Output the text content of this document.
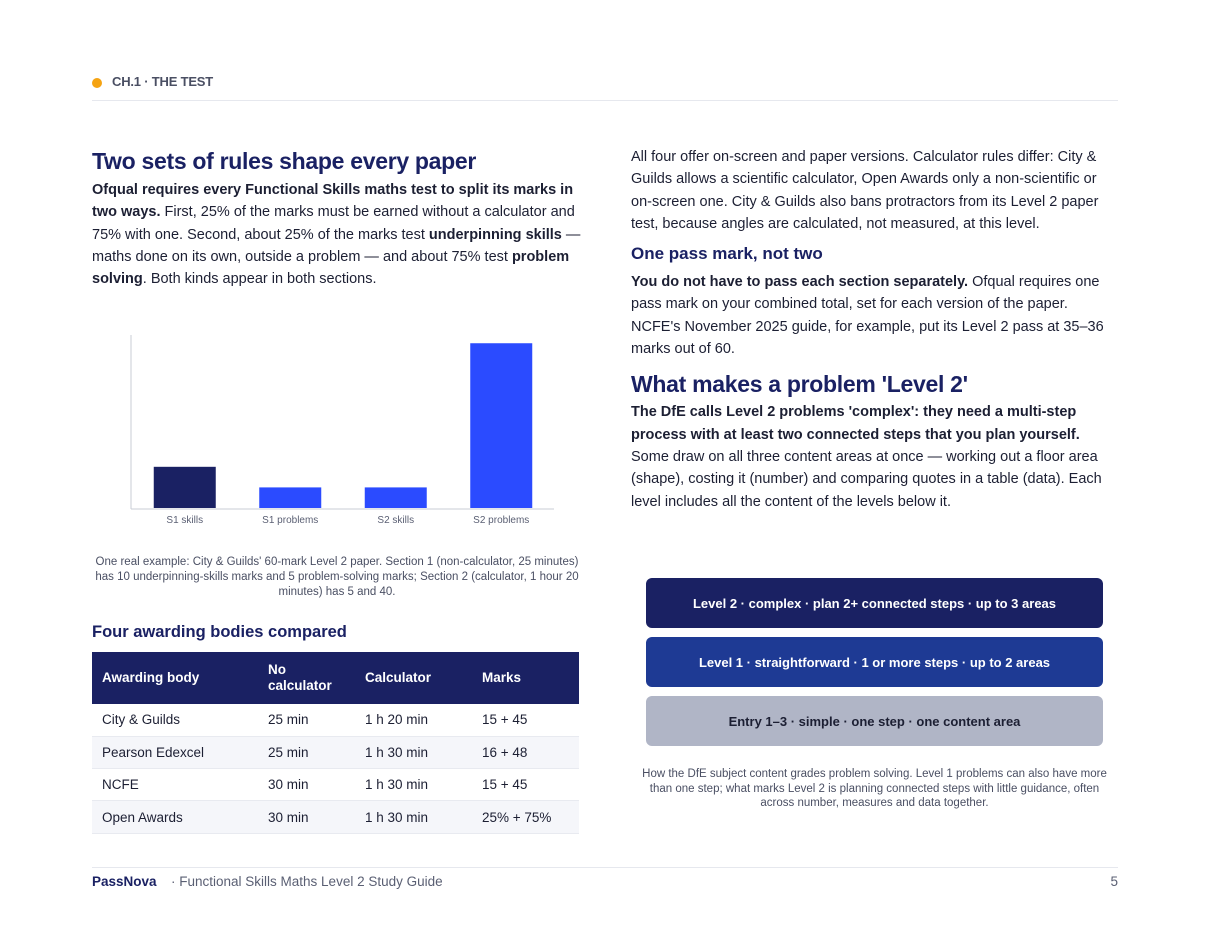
CH.1 · THE TEST
Two sets of rules shape every paper

Ofqual requires every Functional Skills maths test to split its marks in two ways. First, 25% of the marks must be earned without a calculator and 75% with one. Second, about 25% of the marks test underpinning skills — maths done on its own, outside a problem — and about 75% test problem solving. Both kinds appear in both sections.

S1 skills	S1 problems	S2 skills	S2 problems
One real example: City & Guilds' 60-mark Level 2 paper. Section 1 (non-calculator, 25 minutes) has 10 underpinning-skills marks and 5 problem-solving marks; Section 2 (calculator, 1 hour 20 minutes) has 5 and 40.
Four awarding bodies compared
Awarding body	No calculator	Calculator	Marks
City & Guilds	25 min	1 h 20 min	15 + 45
Pearson Edexcel	25 min	1 h 30 min	16 + 48
NCFE	30 min	1 h 30 min	15 + 45
Open Awards	30 min	1 h 30 min	25% + 75%

All four offer on-screen and paper versions. Calculator rules differ: City & Guilds allows a scientific calculator, Open Awards only a non-scientific or on-screen one. City & Guilds also bans protractors from its Level 2 paper test, because angles are calculated, not measured, at this level.

One pass mark, not two

You do not have to pass each section separately. Ofqual requires one pass mark on your combined total, set for each version of the paper. NCFE's November 2025 guide, for example, put its Level 2 pass at 35–36 marks out of 60.

What makes a problem 'Level 2'

The DfE calls Level 2 problems 'complex': they need a multi-step process with at least two connected steps that you plan yourself. Some draw on all three content areas at once — working out a floor area (shape), costing it (number) and comparing quotes in a table (data). Each level includes all the content of the levels below it.

Level 2 · complex · plan 2+ connected steps · up to 3 areas
Level 1 · straightforward · 1 or more steps · up to 2 areas
Entry 1–3 · simple · one step · one content area
How the DfE subject content grades problem solving. Level 1 problems can also have more than one step; what marks Level 2 is planning connected steps with little guidance, often across number, measures and data together.
PassNova · Functional Skills Maths Level 2 Study Guide	5
